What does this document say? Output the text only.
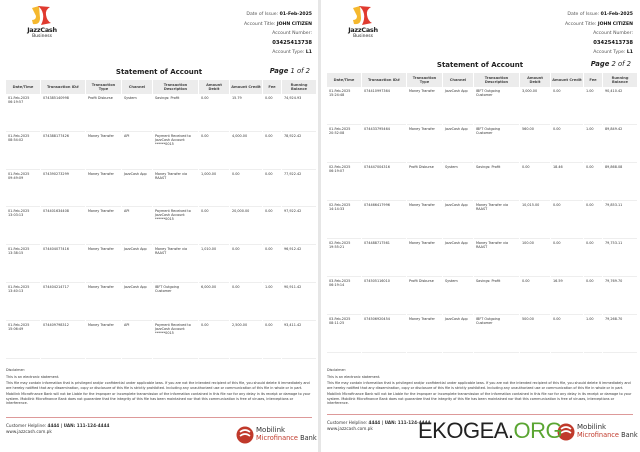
JazzCash
Business
Date of Issue: 01-Feb-2025
Account Title: JOHN CITIZEN
Account Number:
03425413738
Account Type: L1
Statement of Account	Page 1 of 2
Date/Time	Transaction ID#	Transaction Type	Channel	Transaction Description	Amount Debit	Amount Credit	Fee	Running Balance
01-Feb-2025 06:19:57	074385140998	Profit Disburse	System	Savings: Profit	0.00	15.79	0.00	74,924.93
01-Feb-2025 08:54:02	074388177426	Money Transfer	API	Payment Received to JazzCash Account ******0015	0.00	4,000.00	0.00	78,922.42
01-Feb-2025 09:49:09	074390273299	Money Transfer	JazzCash App	Money Transfer via RAAST	1,000.00	0.00	0.00	77,922.42
01-Feb-2025 13:03:13	074401634408	Money Transfer	API	Payment Received to JazzCash Account ******0015	0.00	20,000.00	0.00	97,922.42
01-Feb-2025 13:38:15	074404077416	Money Transfer	JazzCash App	Money Transfer via RAAST	1,010.00	0.00	0.00	96,912.42
01-Feb-2025 13:40:13	074404214717	Money Transfer	JazzCash App	IBFT Outgoing Customer	6,000.00	0.00	1.00	90,911.42
01-Feb-2025 15:06:49	074409798312	Money Transfer	API	Payment Received to JazzCash Account ******0015	0.00	2,500.00	0.00	93,411.42

Disclaimer:

This is an electronic statement.

This file may contain information that is privileged and/or confidential under applicable laws. If you are not the intended recipient of this file, you should delete it immediately and are hereby notified that any dissemination, copy or disclosure of this file is strictly prohibited. Including any unauthorized use or communication of this file in whole or in part.

Mobilink Microfinance Bank will not be Liable for the improper or incomplete transmission of the information contained in this file nor for any delay in its receipt or damage to your system. Mobilink Microfinance Bank does not guarantee that the integrity of this file has been maintained nor that this communication is free of viruses, interceptions or interference.

Customer Helpline: 4444 | UAN: 111-124-4444
www.jazzcash.com.pk	Mobilink
Microfinance Bank
JazzCash
Business
Date of Issue: 01-Feb-2025
Account Title: JOHN CITIZEN
Account Number:
03425413738
Account Type: L1
Statement of Account	Page 2 of 2
Date/Time	Transaction ID#	Transaction Type	Channel	Transaction Description	Amount Debit	Amount Credit	Fee	Running Balance
01-Feb-2025 15:24:48	074410997364	Money Transfer	JazzCash App	IBFT Outgoing Customer	3,000.00	0.00	1.00	90,410.42
01-Feb-2025 20:52:08	074433795464	Money Transfer	JazzCash App	IBFT Outgoing Customer	560.00	0.00	1.00	89,849.42
02-Feb-2025 06:19:07	074447004316	Profit Disburse	System	Savings: Profit	0.00	18.46	0.00	89,868.08
02-Feb-2025 14:14:33	074466417996	Money Transfer	JazzCash App	Money Transfer via RAAST	10,015.00	0.00	0.00	79,853.11
02-Feb-2025 19:55:21	074488717561	Money Transfer	JazzCash App	Money Transfer via RAAST	100.00	0.00	0.00	79,753.11
03-Feb-2025 06:19:14	074505116010	Profit Disburse	System	Savings: Profit	0.00	16.59	0.00	79,769.70
03-Feb-2025 08:11:25	074506920454	Money Transfer	JazzCash App	IBFT Outgoing Customer	500.00	0.00	1.00	79,268.70

Disclaimer:

This is an electronic statement.

This file may contain information that is privileged and/or confidential under applicable laws. If you are not the intended recipient of this file, you should delete it immediately and are hereby notified that any dissemination, copy or disclosure of this file is strictly prohibited. Including any unauthorized use or communication of this file in whole or in part.

Mobilink Microfinance Bank will not be Liable for the improper or incomplete transmission of the information contained in this file nor for any delay in its receipt or damage to your system. Mobilink Microfinance Bank does not guarantee that the integrity of this file has been maintained nor that this communication is free of viruses, interceptions or interference.

Customer Helpline: 4444 | UAN: 111-124-4444
www.jazzcash.com.pk	Mobilink
Microfinance Bank
EKOGEA.ORG
